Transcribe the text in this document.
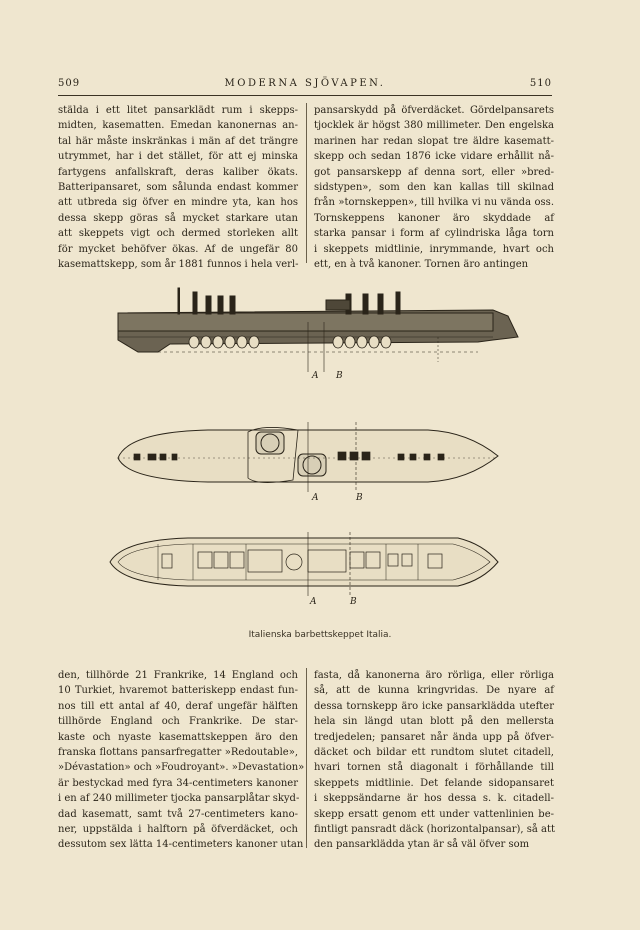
509	MODERNA SJÖVAPEN.	510
stälda i ett litet pansarklädt rum i skepps-
midten, kasematten. Emedan kanonernas an-
tal här måste inskränkas i män af det trängre
utrymmet, har i det stället, för att ej minska
fartygens anfallskraft, deras kaliber ökats.
Batteripansaret, som sålunda endast kommer
att utbreda sig öfver en mindre yta, kan hos
dessa skepp göras så mycket starkare utan
att skeppets vigt och dermed storleken allt
för mycket behöfver ökas. Af de ungefär 80
kasemattskepp, som år 1881 funnos i hela verl-
pansarskydd på öfverdäcket. Gördelpansarets
tjocklek är högst 380 millimeter. Den engelska
marinen har redan slopat tre äldre kasematt-
skepp och sedan 1876 icke vidare erhållit nå-
got pansarskepp af denna sort, eller »bred-
sidstypen», som den kan kallas till skilnad
från »tornskeppen», till hvilka vi nu vända oss.
Tornskeppens kanoner äro skyddade af
starka pansar i form af cylindriska låga torn
i skeppets midtlinie, inrymmande, hvart och
ett, en à två kanoner. Tornen äro antingen
A B
A	B
A	B
Italienska barbettskeppet Italia.
den, tillhörde 21 Frankrike, 14 England och
10 Turkiet, hvaremot batteriskepp endast fun-
nos till ett antal af 40, deraf ungefär hälften
tillhörde England och Frankrike. De star-
kaste och nyaste kasemattskeppen äro den
franska flottans pansarfregatter »Redoutable»,
»Dévastation» och »Foudroyant». »Devastation»
är bestyckad med fyra 34-centimeters kanoner
i en af 240 millimeter tjocka pansarplåtar skyd-
dad kasematt, samt två 27-centimeters kano-
ner, uppstälda i halftorn på öfverdäcket, och
dessutom sex lätta 14-centimeters kanoner utan
fasta, då kanonerna äro rörliga, eller rörliga
så, att de kunna kringvridas. De nyare af
dessa tornskepp äro icke pansarklädda utefter
hela sin längd utan blott på den mellersta
tredjedelen; pansaret når ända upp på öfver-
däcket och bildar ett rundtom slutet citadell,
hvari tornen stå diagonalt i förhållande till
skeppets midtlinie. Det felande sidopansaret
i skeppsändarne är hos dessa s. k. citadell-
skepp ersatt genom ett under vattenlinien be-
fintligt pansradt däck (horizontalpansar), så att
den pansarklädda ytan är så väl öfver som
